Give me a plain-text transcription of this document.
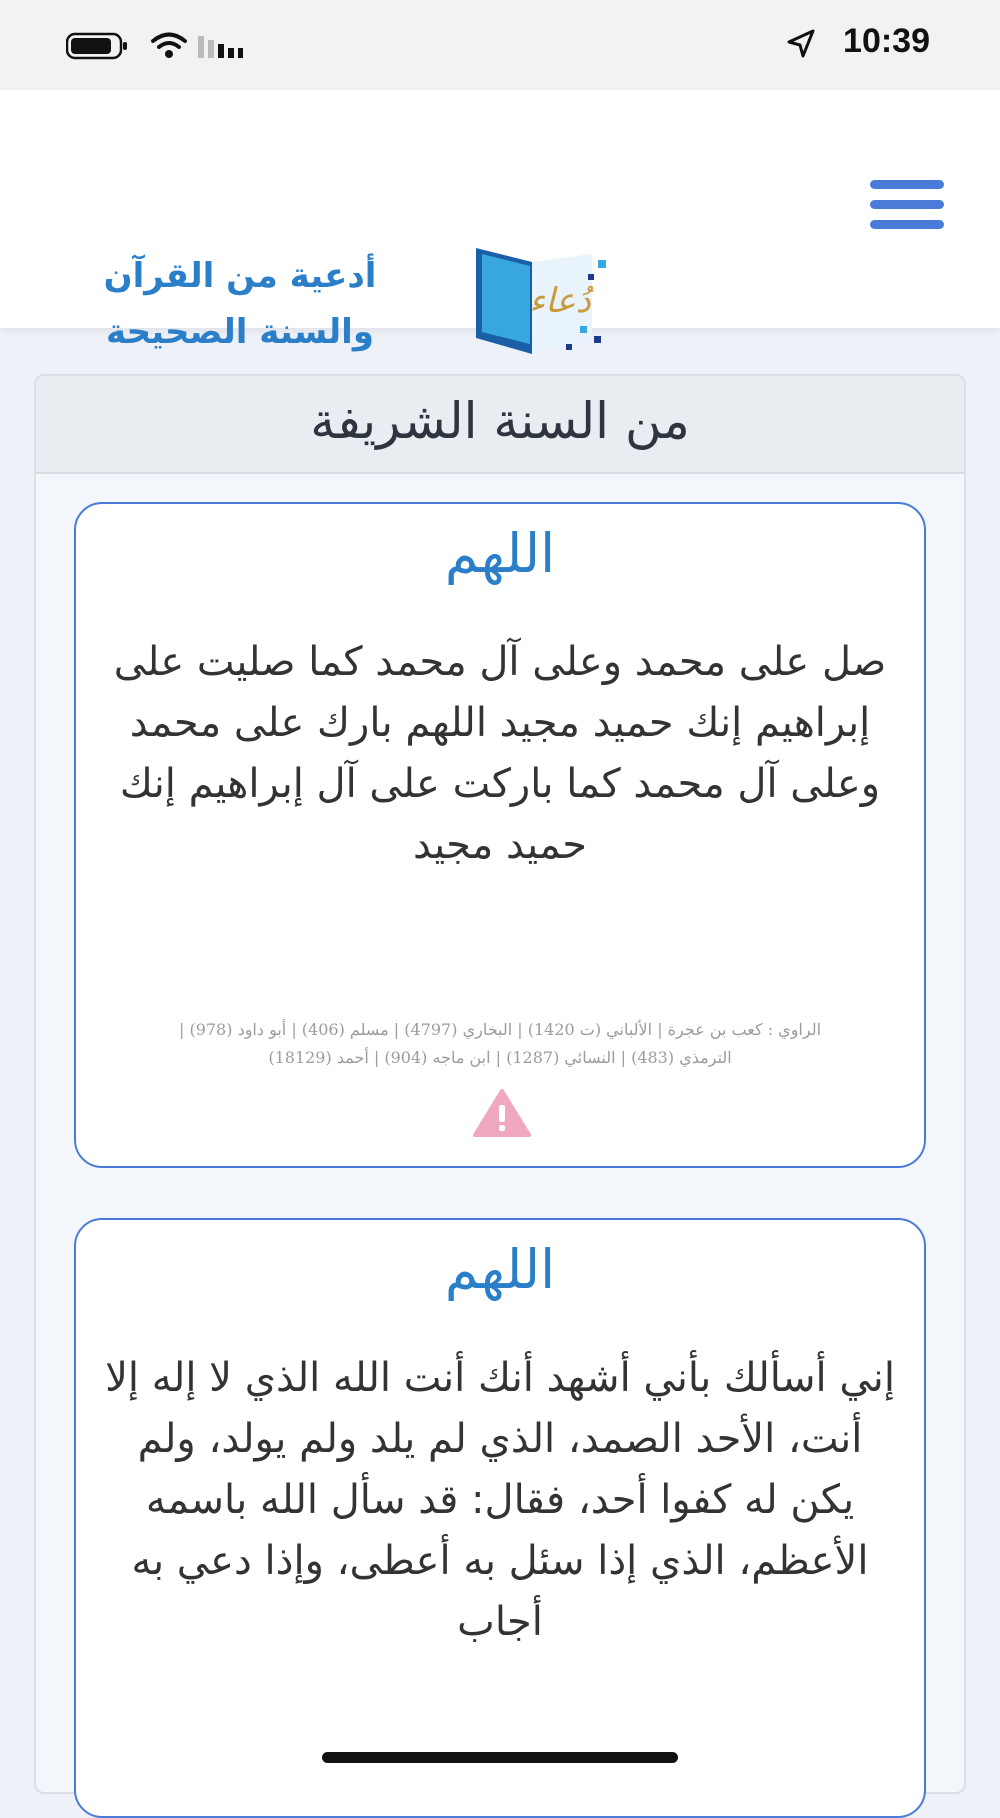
10:39
أدعية من القرآن
والسنة الصحيحة
دُعاء
من السنة الشريفة
اللهم
صل على محمد وعلى آل محمد كما صليت على إبراهيم إنك حميد مجيد اللهم بارك على محمد وعلى آل محمد كما باركت على آل إبراهيم إنك حميد مجيد
الراوي : كعب بن عجرة | الألباني (ت 1420) | البخاري (4797) | مسلم (406) | أبو داود (978) |
الترمذي (483) | النسائي (1287) | ابن ماجه (904) | أحمد (18129)
اللهم
إني أسألك بأني أشهد أنك أنت الله الذي لا إله إلا أنت، الأحد الصمد، الذي لم يلد ولم يولد، ولم يكن له كفوا أحد، فقال: قد سأل الله باسمه الأعظم، الذي إذا سئل به أعطى، وإذا دعي به أجاب
